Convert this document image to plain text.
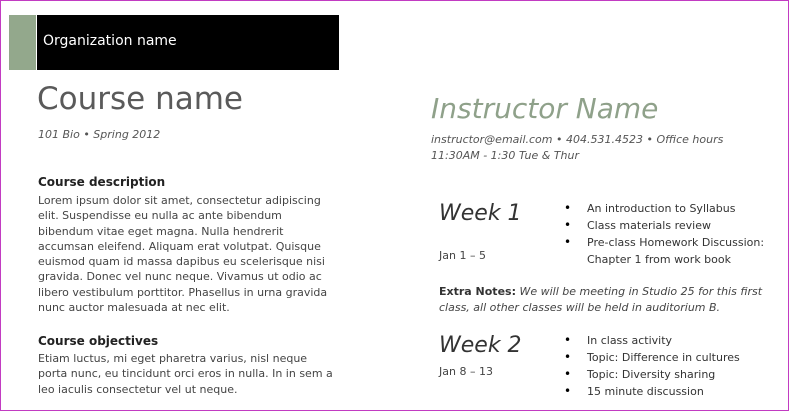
Organization name
Course name
101 Bio • Spring 2012
Course description

Lorem ipsum dolor sit amet, consectetur adipiscing elit. Suspendisse eu nulla ac ante bibendum bibendum vitae eget magna. Nulla hendrerit accumsan eleifend. Aliquam erat volutpat. Quisque euismod quam id massa dapibus eu scelerisque nisi gravida. Donec vel nunc neque. Vivamus ut odio ac libero vestibulum porttitor. Phasellus in urna gravida nunc auctor malesuada at nec elit.

Course objectives

Etiam luctus, mi eget pharetra varius, nisl neque porta nunc, eu tincidunt orci eros in nulla. In in sem a leo iaculis consectetur vel ut neque.

Instructor Name
instructor@email.com • 404.531.4523 • Office hours 11:30AM - 1:30 Tue & Thur
Week 1
Jan 1 – 5
• An introduction to Syllabus
• Class materials review
• Pre-class Homework Discussion: Chapter 1 from work book
Extra Notes: We will be meeting in Studio 25 for this first class, all other classes will be held in auditorium B.
Week 2
Jan 8 – 13
• In class activity
• Topic: Difference in cultures
• Topic: Diversity sharing
• 15 minute discussion
